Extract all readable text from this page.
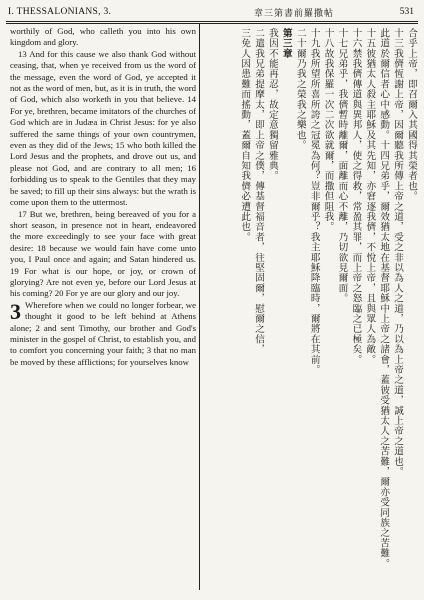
I. THESSALONIANS, 3.	章三第書前羅撒帖	531

worthily of God, who calleth you into his own kingdom and glory.

13 And for this cause we also thank God without ceasing, that, when ye received from us the word of the message, even the word of God, ye accepted it not as the word of men, but, as it is in truth, the word of God, which also worketh in you that believe. 14 For ye, brethren, became imitators of the churches of God which are in Judæa in Christ Jesus: for ye also suffered the same things of your own countrymen, even as they did of the Jews; 15 who both killed the Lord Jesus and the prophets, and drove out us, and please not God, and are contrary to all men; 16 forbidding us to speak to the Gentiles that they may be saved; to fill up their sins always: but the wrath is come upon them to the uttermost.

17 But we, brethren, being bereaved of you for a short season, in presence not in heart, endeavored the more exceedingly to see your face with great desire: 18 because we would fain have come unto you, I Paul once and again; and Satan hindered us. 19 For what is our hope, or joy, or crown of glorying? Are not even ye, before our Lord Jesus at his coming? 20 For ye are our glory and our joy.

3 Wherefore when we could no longer forbear, we thought it good to be left behind at Athens alone; 2 and sent Timothy, our brother and God's minister in the gospel of Christ, to establish you, and to comfort you concerning your faith; 3 that no man be moved by these afflictions; for yourselves know

合乎上帝，即召爾入其國得其榮者也。

十三我儕恆謝上帝，因爾聽我所傳上帝之道，受之非以為人之道，乃以為上帝之道，誠上帝之道也。

此道於爾信者心中感動。十四兄弟乎，爾效猶太地在基督耶穌中上帝之諸會，蓋彼受猶太人之苦難，爾亦受同族之苦難。

十五彼猶太人殺主耶穌及其先知，亦窘逐我儕，不悅上帝，且與眾人為敵。

十六禁我儕傳道與異邦人，使之得救，常盈其罪，而上帝之怒臨之已極矣。

十七兄弟乎，我儕暫時離爾，面離而心不離，乃切欲見爾面。

十八故我保羅一次二次欲就爾，而撒但阻我。

十九我所望所喜所誇之冠冕為何？豈非爾乎？我主耶穌降臨時，爾將在其前。

二十爾乃我之榮我之樂也。

第三章

我因不能再忍，故定意獨留雅典。

二遣我兄弟提摩太，即上帝之僕，傳基督福音者，往堅固爾，慰爾之信，

三免人因患難而搖動，蓋爾自知我儕必遭此也。
